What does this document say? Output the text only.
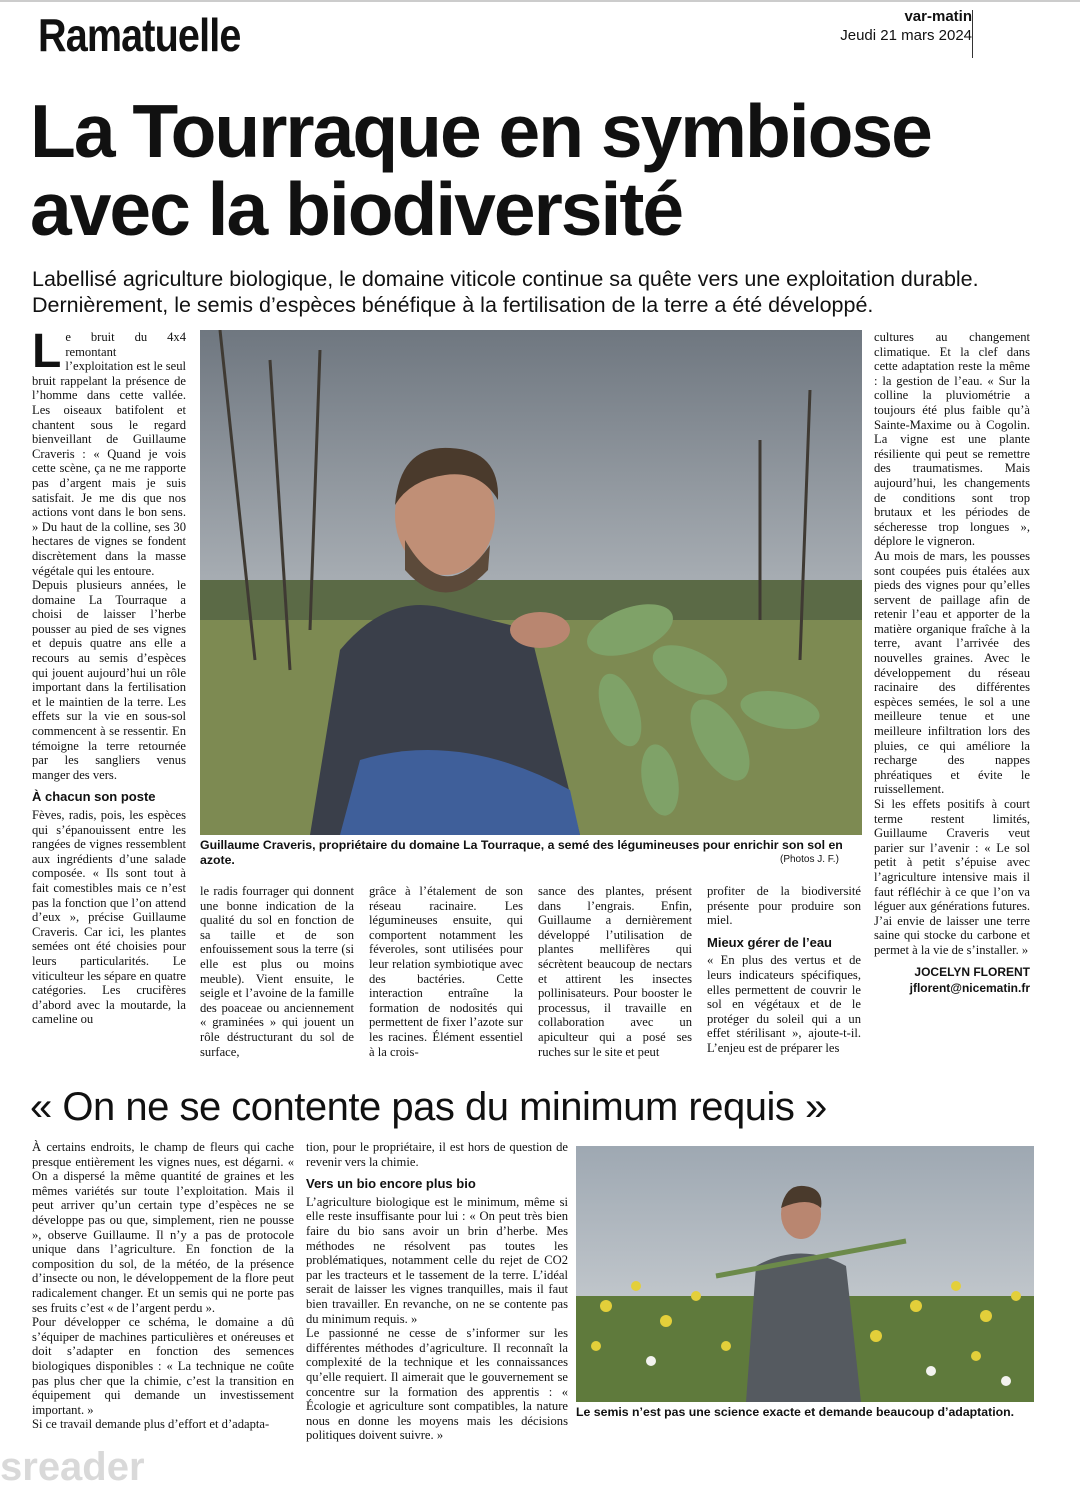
Ramatuelle	var-matin
Jeudi 21 mars 2024
La Tourraque en symbiose
avec la biodiversité
Labellisé agriculture biologique, le domaine viticole continue sa quête vers une exploitation durable. Dernièrement, le semis d’espèces bénéfique à la fertilisation de la terre a été développé.

Le bruit du 4x4 remontant l’exploitation est le seul bruit rappelant la présence de l’homme dans cette vallée. Les oiseaux batifolent et chantent sous le regard bienveillant de Guillaume Craveris : « Quand je vois cette scène, ça ne me rapporte pas d’argent mais je suis satisfait. Je me dis que nos actions vont dans le bon sens. » Du haut de la colline, ses 30 hectares de vignes se fondent discrètement dans la masse végétale qui les entoure.

Depuis plusieurs années, le domaine La Tourraque a choisi de laisser l’herbe pousser au pied de ses vignes et depuis quatre ans elle a recours au semis d’espèces qui jouent aujourd’hui un rôle important dans la fertilisation et le maintien de la terre. Les effets sur la vie en sous-sol commencent à se ressentir. En témoigne la terre retournée par les sangliers venus manger des vers.

À chacun son poste

Fèves, radis, pois, les espèces qui s’épanouissent entre les rangées de vignes ressemblent aux ingrédients d’une salade composée. « Ils sont tout à fait comestibles mais ce n’est pas la fonction que l’on attend d’eux », précise Guillaume Craveris. Car ici, les plantes semées ont été choisies pour leurs particularités. Le viticulteur les sépare en quatre catégories. Les crucifères d’abord avec la moutarde, la cameline ou

Guillaume Craveris, propriétaire du domaine La Tourraque, a semé des légumineuses pour enrichir son sol en azote.	(Photos J. F.)

le radis fourrager qui donnent une bonne indication de la qualité du sol en fonction de sa taille et de son enfouissement sous la terre (si elle est plus ou moins meuble). Vient ensuite, le seigle et l’avoine de la famille des poaceae ou anciennement « graminées » qui jouent un rôle déstructurant du sol de surface,

grâce à l’étalement de son réseau racinaire. Les légumineuses ensuite, qui comportent notamment les féveroles, sont utilisées pour leur relation symbiotique avec des bactéries. Cette interaction entraîne la formation de nodosités qui permettent de fixer l’azote sur les racines. Élément essentiel à la crois-

sance des plantes, présent dans l’engrais. Enfin, Guillaume a dernièrement développé l’utilisation de plantes mellifères qui sécrètent beaucoup de nectars et attirent les insectes pollinisateurs. Pour booster le processus, il travaille en collaboration avec un apiculteur qui a posé ses ruches sur le site et peut

profiter de la biodiversité présente pour produire son miel.

Mieux gérer de l’eau

« En plus des vertus et de leurs indicateurs spécifiques, elles permettent de couvrir le sol en végétaux et de le protéger du soleil qui a un effet stérilisant », ajoute-t-il. L’enjeu est de préparer les

cultures au changement climatique. Et la clef dans cette adaptation reste la même : la gestion de l’eau. « Sur la colline la pluviométrie a toujours été plus faible qu’à Sainte-Maxime ou à Cogolin. La vigne est une plante résiliente qui peut se remettre des traumatismes. Mais aujourd’hui, les changements de conditions sont trop brutaux et les périodes de sécheresse trop longues », déplore le vigneron.

Au mois de mars, les pousses sont coupées puis étalées aux pieds des vignes pour qu’elles servent de paillage afin de retenir l’eau et apporter de la matière organique fraîche à la terre, avant l’arrivée des nouvelles graines. Avec le développement du réseau racinaire des différentes espèces semées, le sol a une meilleure tenue et une meilleure infiltration lors des pluies, ce qui améliore la recharge des nappes phréatiques et évite le ruissellement.

Si les effets positifs à court terme restent limités, Guillaume Craveris veut parier sur l’avenir : « Le sol petit à petit s’épuise avec l’agriculture intensive mais il faut réfléchir à ce que l’on va léguer aux générations futures. J’ai envie de laisser une terre saine qui stocke du carbone et permet à la vie de s’installer. »

JOCELYN FLORENT
jflorent@nicematin.fr
« On ne se contente pas du minimum requis »

À certains endroits, le champ de fleurs qui cache presque entièrement les vignes nues, est dégarni. « On a dispersé la même quantité de graines et les mêmes variétés sur toute l’exploitation. Mais il peut arriver qu’un certain type d’espèces ne se développe pas ou que, simplement, rien ne pousse », observe Guillaume. Il n’y a pas de protocole unique dans l’agriculture. En fonction de la composition du sol, de la météo, de la présence d’insecte ou non, le développement de la flore peut radicalement changer. Et un semis qui ne porte pas ses fruits c’est « de l’argent perdu ».

Pour développer ce schéma, le domaine a dû s’équiper de machines particulières et onéreuses et doit s’adapter en fonction des semences biologiques disponibles : « La technique ne coûte pas plus cher que la chimie, c’est la transition en équipement qui demande un investissement important. »

Si ce travail demande plus d’effort et d’adapta-

tion, pour le propriétaire, il est hors de question de revenir vers la chimie.

Vers un bio encore plus bio

L’agriculture biologique est le minimum, même si elle reste insuffisante pour lui : « On peut très bien faire du bio sans avoir un brin d’herbe. Mes méthodes ne résolvent pas toutes les problématiques, notamment celle du rejet de CO2 par les tracteurs et le tassement de la terre. L’idéal serait de laisser les vignes tranquilles, mais il faut bien travailler. En revanche, on ne se contente pas du minimum requis. »

Le passionné ne cesse de s’informer sur les différentes méthodes d’agriculture. Il reconnaît la complexité de la technique et les connaissances qu’elle requiert. Il aimerait que le gouvernement se concentre sur la formation des apprentis : « Écologie et agriculture sont compatibles, la nature nous en donne les moyens mais les décisions politiques doivent suivre. »

Le semis n’est pas une science exacte et demande beaucoup d’adaptation.
sreader
